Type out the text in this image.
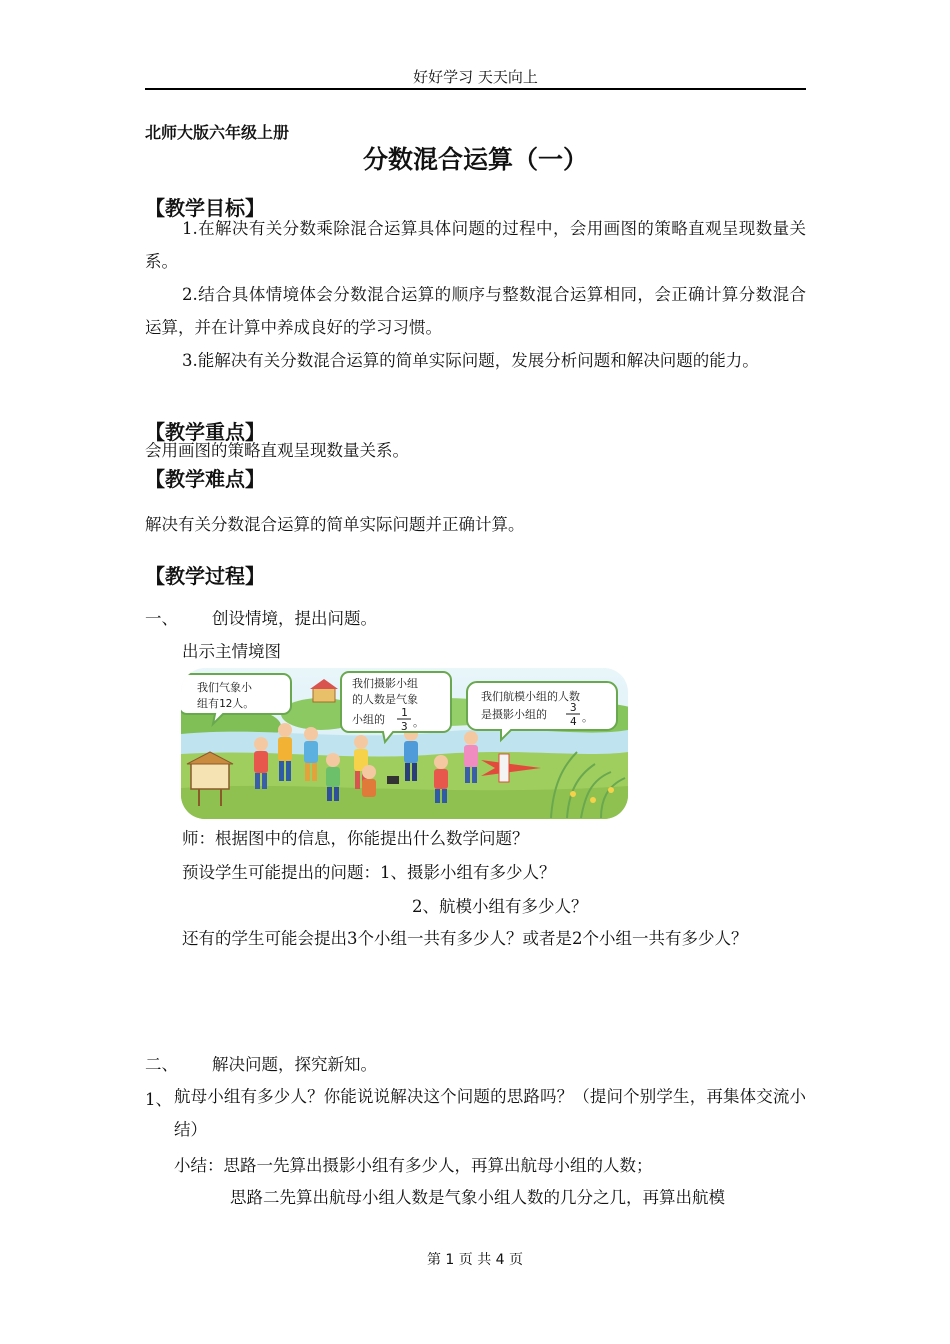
好好学习 天天向上
北师大版六年级上册
分数混合运算（一）
【教学目标】
1.在解决有关分数乘除混合运算具体问题的过程中，会用画图的策略直观呈现数量关系。
2.结合具体情境体会分数混合运算的顺序与整数混合运算相同，会正确计算分数混合运算，并在计算中养成良好的学习习惯。
3.能解决有关分数混合运算的简单实际问题，发展分析问题和解决问题的能力。
【教学重点】
会用画图的策略直观呈现数量关系。
【教学难点】
解决有关分数混合运算的简单实际问题并正确计算。
【教学过程】
一、 创设情境，提出问题。
出示主情境图
我们气象小
组有12人。
我们摄影小组
的人数是气象
小组的
1
3 。
我们航模小组的人数
是摄影小组的
3
4 。
师：根据图中的信息，你能提出什么数学问题？
预设学生可能提出的问题：1、摄影小组有多少人？
2、航模小组有多少人？
还有的学生可能会提出3个小组一共有多少人？或者是2个小组一共有多少人？
二、 解决问题，探究新知。
1、 航母小组有多少人？你能说说解决这个问题的思路吗？（提问个别学生，再集体交流小结）
小结：思路一先算出摄影小组有多少人，再算出航母小组的人数；
思路二先算出航母小组人数是气象小组人数的几分之几，再算出航模
第 1 页 共 4 页
